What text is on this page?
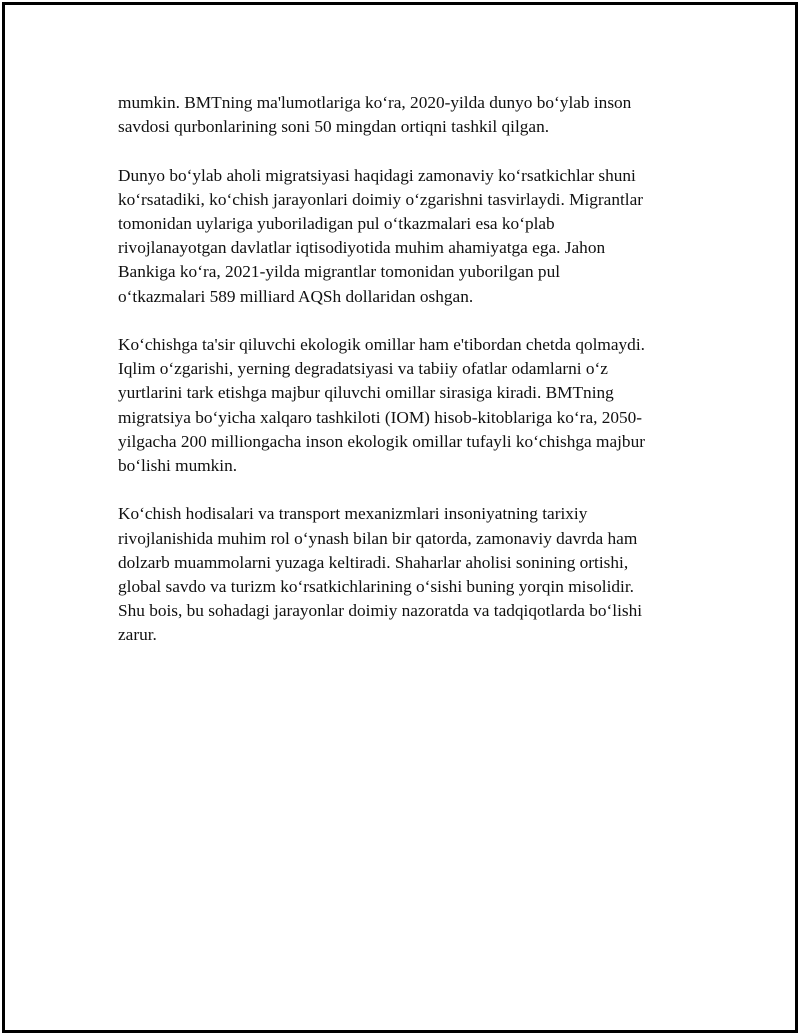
mumkin. BMTning ma'lumotlariga ko‘ra, 2020-yilda dunyo bo‘ylab inson
savdosi qurbonlarining soni 50 mingdan ortiqni tashkil qilgan.

Dunyo bo‘ylab aholi migratsiyasi haqidagi zamonaviy ko‘rsatkichlar shuni
ko‘rsatadiki, ko‘chish jarayonlari doimiy o‘zgarishni tasvirlaydi. Migrantlar
tomonidan uylariga yuboriladigan pul o‘tkazmalari esa ko‘plab
rivojlanayotgan davlatlar iqtisodiyotida muhim ahamiyatga ega. Jahon
Bankiga ko‘ra, 2021-yilda migrantlar tomonidan yuborilgan pul
o‘tkazmalari 589 milliard AQSh dollaridan oshgan.

Ko‘chishga ta'sir qiluvchi ekologik omillar ham e'tibordan chetda qolmaydi.
Iqlim o‘zgarishi, yerning degradatsiyasi va tabiiy ofatlar odamlarni o‘z
yurtlarini tark etishga majbur qiluvchi omillar sirasiga kiradi. BMTning
migratsiya bo‘yicha xalqaro tashkiloti (IOM) hisob-kitoblariga ko‘ra, 2050-
yilgacha 200 milliongacha inson ekologik omillar tufayli ko‘chishga majbur
bo‘lishi mumkin.

Ko‘chish hodisalari va transport mexanizmlari insoniyatning tarixiy
rivojlanishida muhim rol o‘ynash bilan bir qatorda, zamonaviy davrda ham
dolzarb muammolarni yuzaga keltiradi. Shaharlar aholisi sonining ortishi,
global savdo va turizm ko‘rsatkichlarining o‘sishi buning yorqin misolidir.
Shu bois, bu sohadagi jarayonlar doimiy nazoratda va tadqiqotlarda bo‘lishi
zarur.
